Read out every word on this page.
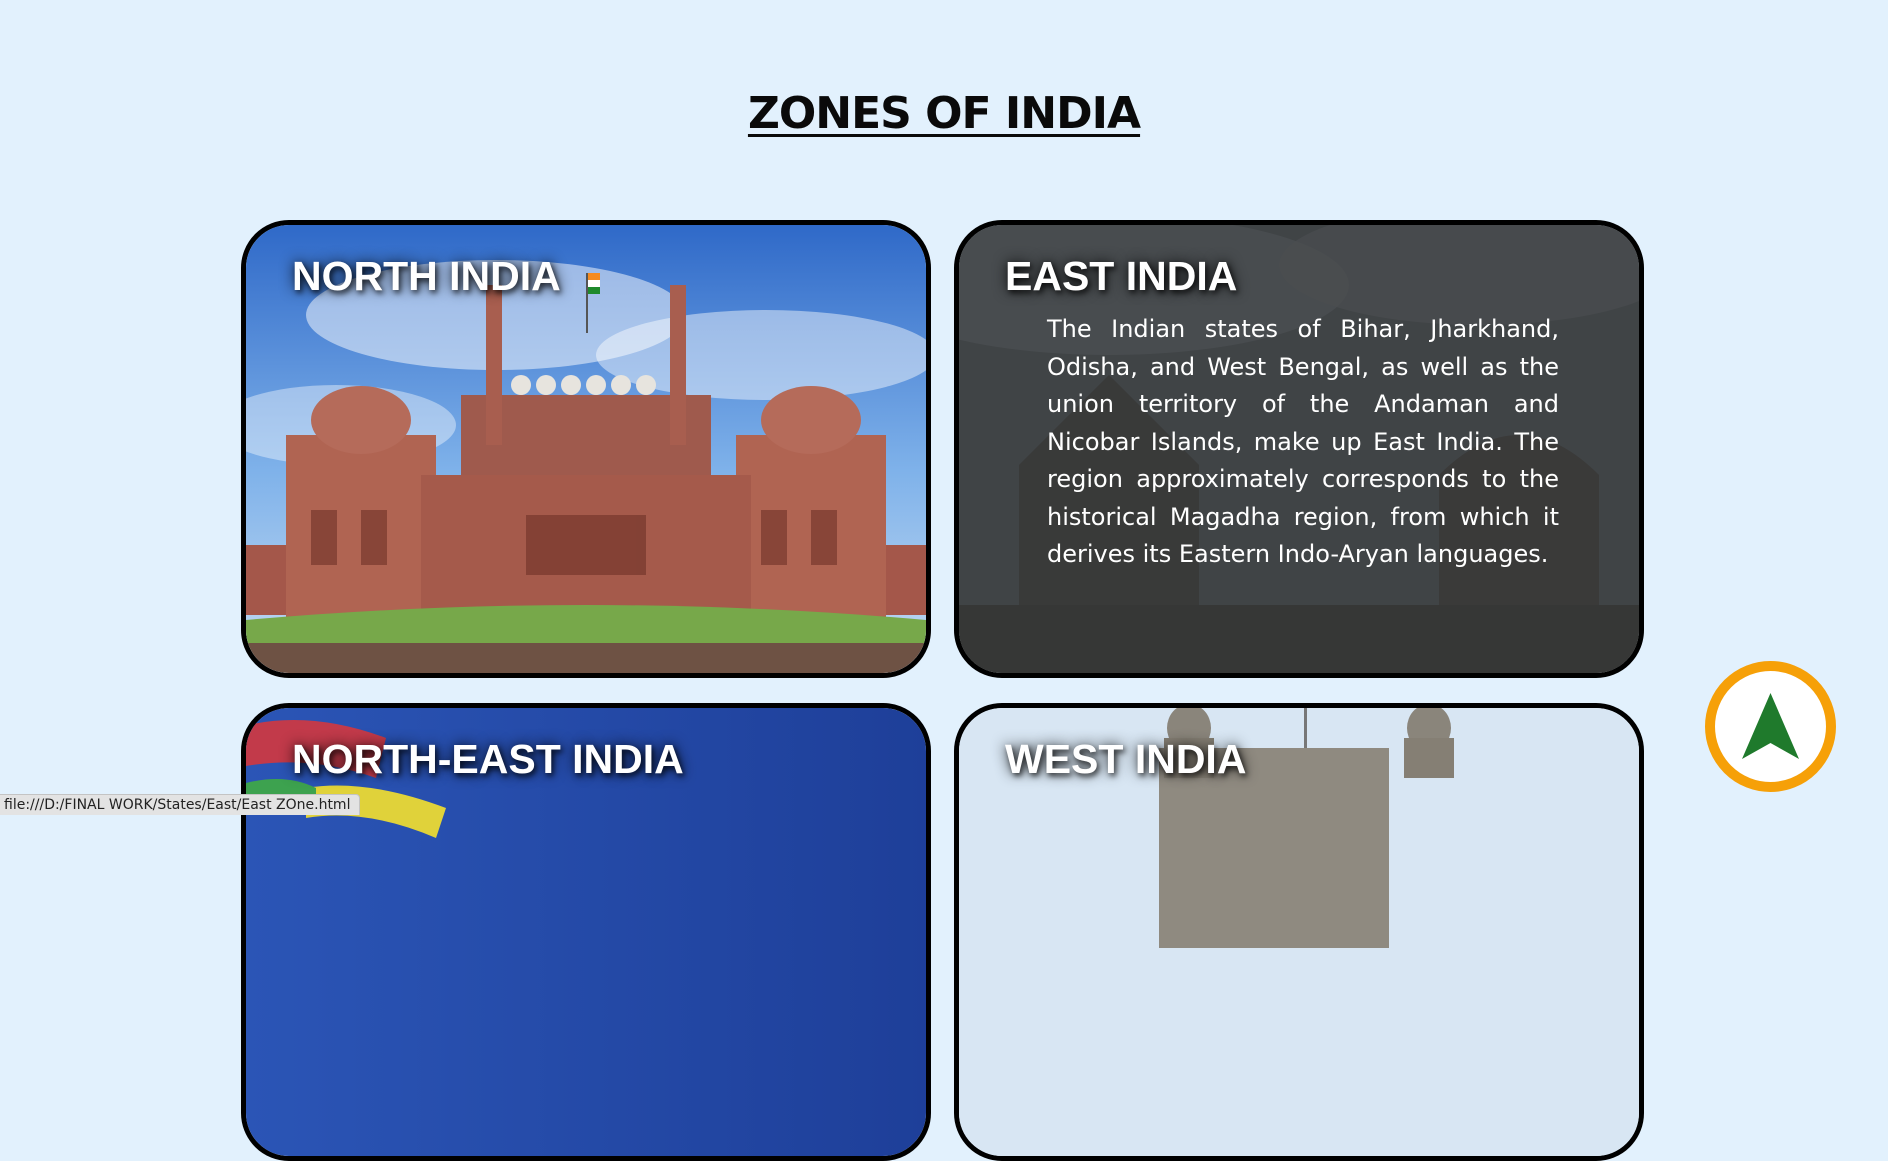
ZONES OF INDIA
NORTH INDIA	EAST INDIA

The Indian states of Bihar, Jharkhand, Odisha, and West Bengal, as well as the union territory of the Andaman and Nicobar Islands, make up East India. The region approximately corresponds to the historical Magadha region, from which it derives its Eastern Indo-Aryan languages.

NORTH-EAST INDIA	WEST INDIA
file:///D:/FINAL WORK/States/East/East ZOne.html
